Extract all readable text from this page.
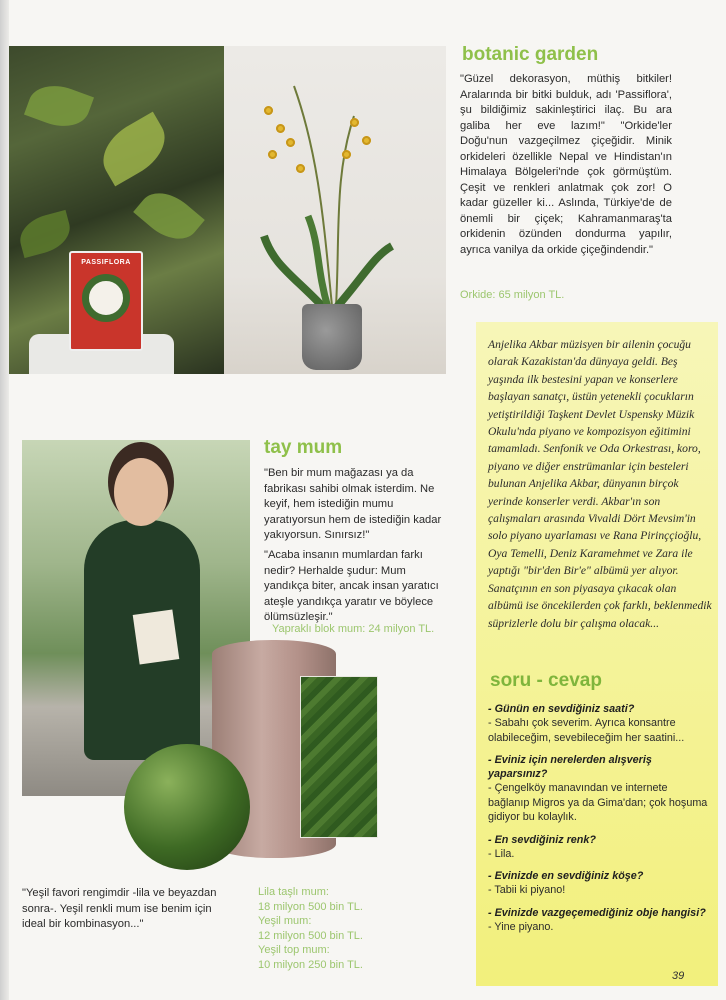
PASSIFLORA
botanic garden
"Güzel dekorasyon, müthiş bitkiler! Aralarında bir bitki bulduk, adı 'Passiflora', şu bildiğimiz sakinleştirici ilaç. Bu ara galiba her eve lazım!" "Orkide'ler Doğu'nun vazgeçilmez çiçeğidir. Minik orkideleri özellikle Nepal ve Hindistan'ın Himalaya Bölgeleri'nde çok görmüştüm. Çeşit ve renkleri anlatmak çok zor! O kadar güzeller ki... Aslında, Türkiye'de de önemli bir çiçek; Kahramanmaraş'ta orkidenin özünden dondurma yapılır, ayrıca vanilya da orkide çiçeğindendir."
Orkide: 65 milyon TL.
tay mum
"Ben bir mum mağazası ya da fabrikası sahibi olmak isterdim. Ne keyif, hem istediğin mumu yaratıyorsun hem de istediğin kadar yakıyorsun. Sınırsız!"
"Acaba insanın mumlardan farkı nedir? Herhalde şudur: Mum yandıkça biter, ancak insan yaratıcı ateşle yandıkça yaratır ve böylece ölümsüzleşir."
Yapraklı blok mum: 24 milyon TL.
"Yeşil favori rengimdir -lila ve beyazdan sonra-. Yeşil renkli mum ise benim için ideal bir kombinasyon..."
Lila taşlı mum:
18 milyon 500 bin TL.
Yeşil mum:
12 milyon 500 bin TL.
Yeşil top mum:
10 milyon 250 bin TL.
Anjelika Akbar müzisyen bir ailenin çocuğu olarak Kazakistan'da dünyaya geldi. Beş yaşında ilk bestesini yapan ve konserlere başlayan sanatçı, üstün yetenekli çocukların yetiştirildiği Taşkent Devlet Uspensky Müzik Okulu'nda piyano ve kompozisyon eğitimini tamamladı. Senfonik ve Oda Orkestrası, koro, piyano ve diğer enstrümanlar için besteleri bulunan Anjelika Akbar, dünyanın birçok yerinde konserler verdi. Akbar'ın son çalışmaları arasında Vivaldi Dört Mevsim'in solo piyano uyarlaması ve Rana Pirinççioğlu, Oya Temelli, Deniz Karamehmet ve Zara ile yaptığı "bir'den Bir'e" albümü yer alıyor. Sanatçının en son piyasaya çıkacak olan albümü ise öncekilerden çok farklı, beklenmedik süprizlerle dolu bir çalışma olacak...
soru - cevap
- Günün en sevdiğiniz saati?
- Sabahı çok severim. Ayrıca konsantre olabileceğim, sevebileceğim her saatini...
- Eviniz için nerelerden alışveriş yaparsınız?
- Çengelköy manavından ve internete bağlanıp Migros ya da Gima'dan; çok hoşuma gidiyor bu kolaylık.
- En sevdiğiniz renk?
- Lila.
- Evinizde en sevdiğiniz köşe?
- Tabii ki piyano!
- Evinizde vazgeçemediğiniz obje hangisi?
- Yine piyano.
39
